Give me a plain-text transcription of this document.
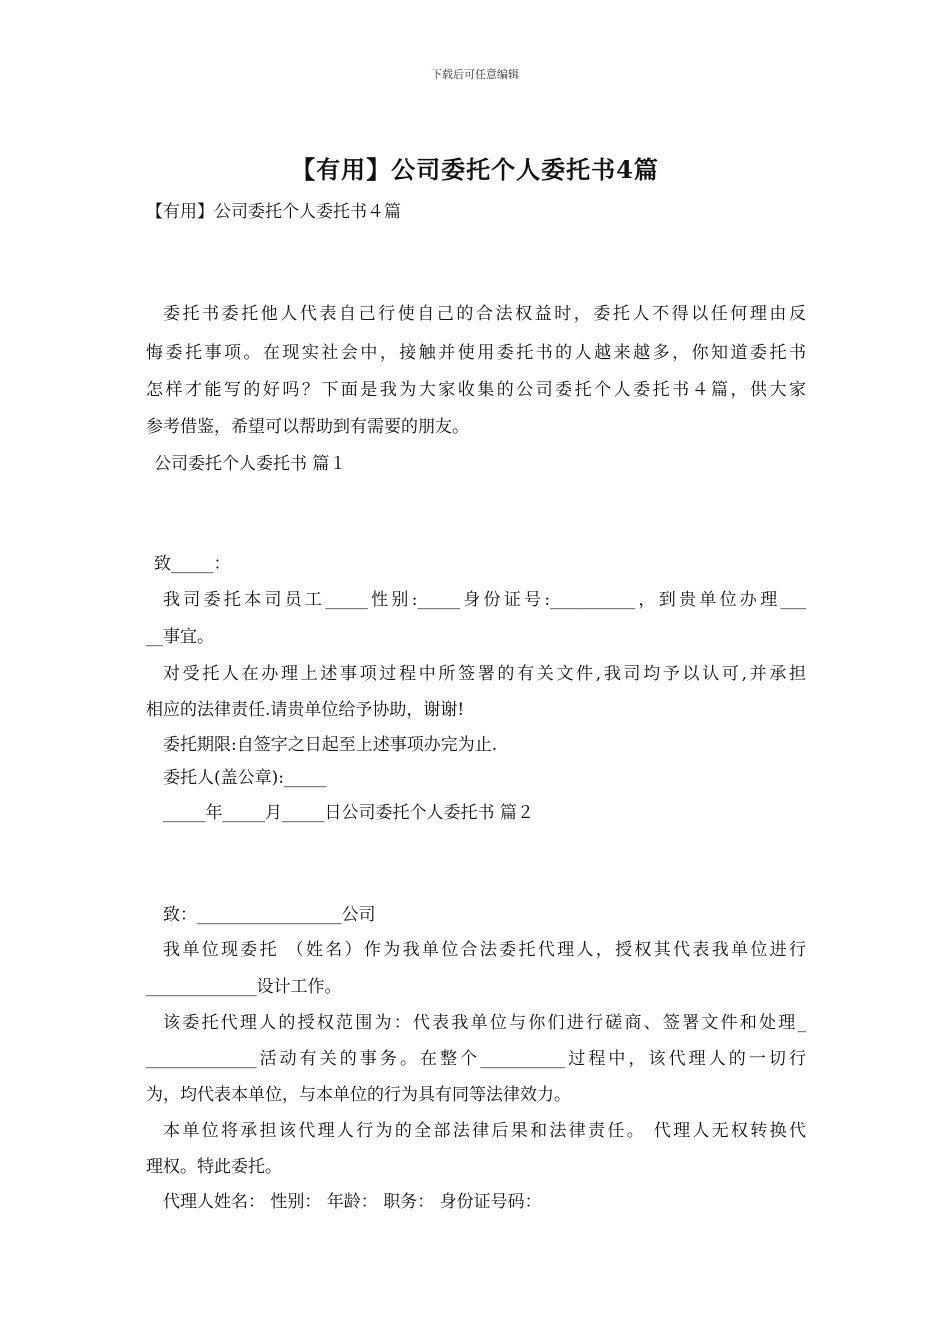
下载后可任意编辑
【有用】公司委托个人委托书4篇
【有用】公司委托个人委托书４篇
委托书委托他人代表自己行使自己的合法权益时，委托人不得以任何理由反
悔委托事项。在现实社会中，接触并使用委托书的人越来越多，你知道委托书
怎样才能写的好吗？下面是我为大家收集的公司委托个人委托书４篇，供大家
参考借鉴，希望可以帮助到有需要的朋友。
公司委托个人委托书 篇１
致_____：
我司委托本司员工_____性别:_____身份证号:__________，到贵单位办理___
__事宜。
对受托人在办理上述事项过程中所签署的有关文件,我司均予以认可,并承担
相应的法律责任.请贵单位给予协助，谢谢!
委托期限:自签字之日起至上述事项办完为止.
委托人(盖公章):_____
_____年_____月_____日公司委托个人委托书 篇２
致：_________________公司
我单位现委托 （姓名）作为我单位合法委托代理人，授权其代表我单位进行
_____________设计工作。
该委托代理人的授权范围为：代表我单位与你们进行磋商、签署文件和处理_
_____________活动有关的事务。在整个__________过程中，该代理人的一切行
为，均代表本单位，与本单位的行为具有同等法律效力。
本单位将承担该代理人行为的全部法律后果和法律责任。 代理人无权转换代
理权。特此委托。
代理人姓名： 性别： 年龄： 职务： 身份证号码：
